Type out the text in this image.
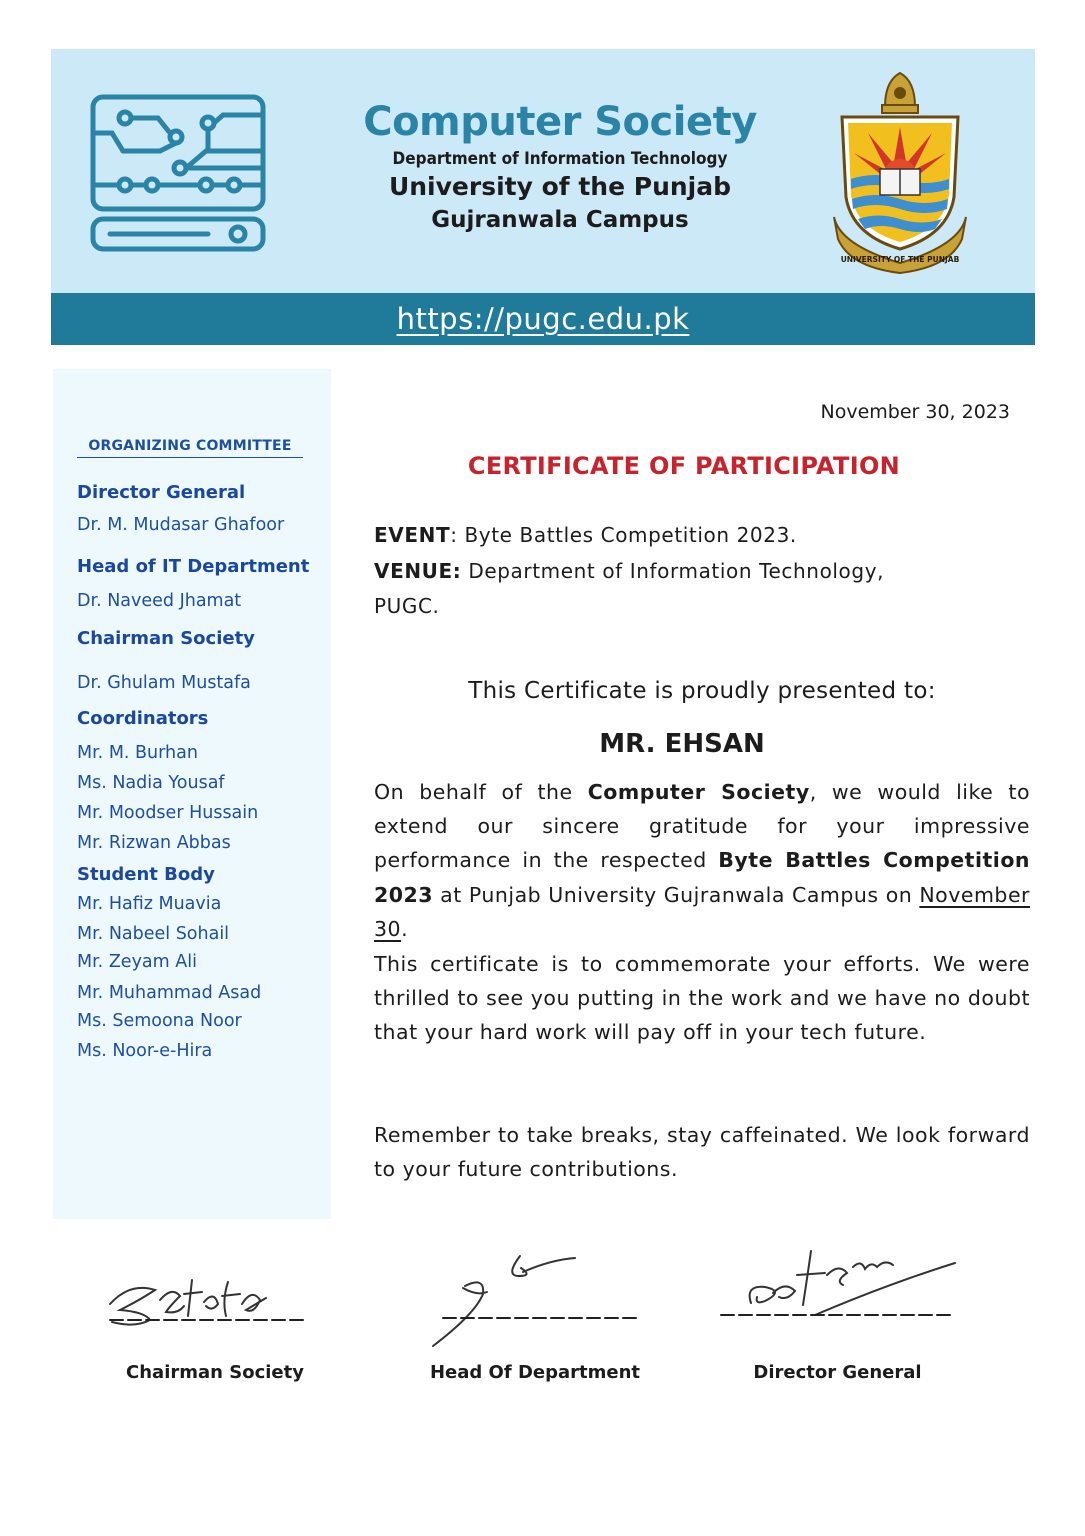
Computer Society
Department of Information Technology
University of the Punjab
Gujranwala Campus
UNIVERSITY OF THE PUNJAB
https://pugc.edu.pk
ORGANIZING COMMITTEE
Director General
Dr. M. Mudasar Ghafoor
Head of IT Department
Dr. Naveed Jhamat
Chairman Society
Dr. Ghulam Mustafa
Coordinators
Mr. M. Burhan
Ms. Nadia Yousaf
Mr. Moodser Hussain
Mr. Rizwan Abbas
Student Body
Mr. Hafiz Muavia
Mr. Nabeel Sohail
Mr. Zeyam Ali
Mr. Muhammad Asad
Ms. Semoona Noor
Ms. Noor-e-Hira
November 30, 2023
CERTIFICATE OF PARTICIPATION
EVENT: Byte Battles Competition 2023.
VENUE: Department of Information Technology,
PUGC.
This Certificate is proudly presented to:
MR. EHSAN
On behalf of the Computer Society, we would like to extend our sincere gratitude for your impressive performance in the respected Byte Battles Competition 2023 at Punjab University Gujranwala Campus on November 30.
This certificate is to commemorate your efforts. We were thrilled to see you putting in the work and we have no doubt that your hard work will pay off in your tech future.
Remember to take breaks, stay caffeinated. We look forward to your future contributions.
Chairman Society	Head Of Department	Director General
